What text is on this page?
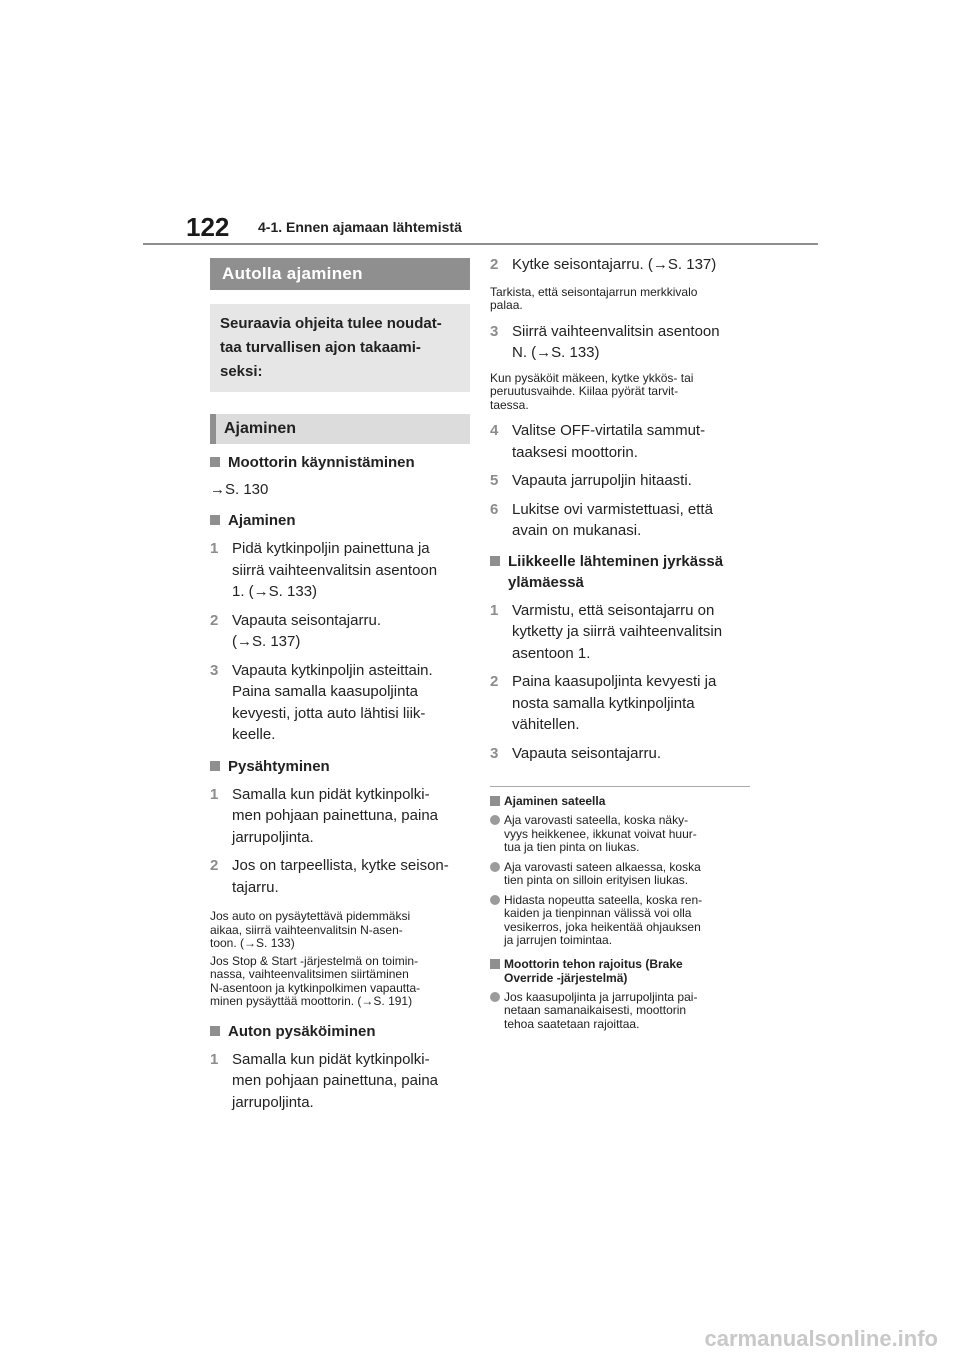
122 4-1. Ennen ajamaan lähtemistä
Autolla ajaminen
Seuraavia ohjeita tulee noudat-
taa turvallisen ajon takaami-
seksi:
Ajaminen
Moottorin käynnistäminen
→S. 130
Ajaminen
1 Pidä kytkinpoljin painettuna ja
siirrä vaihteenvalitsin asentoon
1. (→S. 133)
2 Vapauta seisontajarru.
(→S. 137)
3 Vapauta kytkinpoljin asteittain.
Paina samalla kaasupoljinta
kevyesti, jotta auto lähtisi liik-
keelle.
Pysähtyminen
1 Samalla kun pidät kytkinpolki-
men pohjaan painettuna, paina
jarrupoljinta.
2 Jos on tarpeellista, kytke seison-
tajarru.
Jos auto on pysäytettävä pidemmäksi
aikaa, siirrä vaihteenvalitsin N-asen-
toon. (→S. 133)
Jos Stop & Start -järjestelmä on toimin-
nassa, vaihteenvalitsimen siirtäminen
N-asentoon ja kytkinpolkimen vapautta-
minen pysäyttää moottorin. (→S. 191)
Auton pysäköiminen
1 Samalla kun pidät kytkinpolki-
men pohjaan painettuna, paina
jarrupoljinta.
2 Kytke seisontajarru. (→S. 137)
Tarkista, että seisontajarrun merkkivalo
palaa.
3 Siirrä vaihteenvalitsin asentoon
N. (→S. 133)
Kun pysäköit mäkeen, kytke ykkös- tai
peruutusvaihde. Kiilaa pyörät tarvit-
taessa.
4 Valitse OFF-virtatila sammut-
taaksesi moottorin.
5 Vapauta jarrupoljin hitaasti.
6 Lukitse ovi varmistettuasi, että
avain on mukanasi.
Liikkeelle lähteminen jyrkässä
ylämäessä
1 Varmistu, että seisontajarru on
kytketty ja siirrä vaihteenvalitsin
asentoon 1.
2 Paina kaasupoljinta kevyesti ja
nosta samalla kytkinpoljinta
vähitellen.
3 Vapauta seisontajarru.
Ajaminen sateella
Aja varovasti sateella, koska näky-
vyys heikkenee, ikkunat voivat huur-
tua ja tien pinta on liukas.
Aja varovasti sateen alkaessa, koska
tien pinta on silloin erityisen liukas.
Hidasta nopeutta sateella, koska ren-
kaiden ja tienpinnan välissä voi olla
vesikerros, joka heikentää ohjauksen
ja jarrujen toimintaa.
Moottorin tehon rajoitus (Brake
Override -järjestelmä)
Jos kaasupoljinta ja jarrupoljinta pai-
netaan samanaikaisesti, moottorin
tehoa saatetaan rajoittaa.
carmanualsonline.info
